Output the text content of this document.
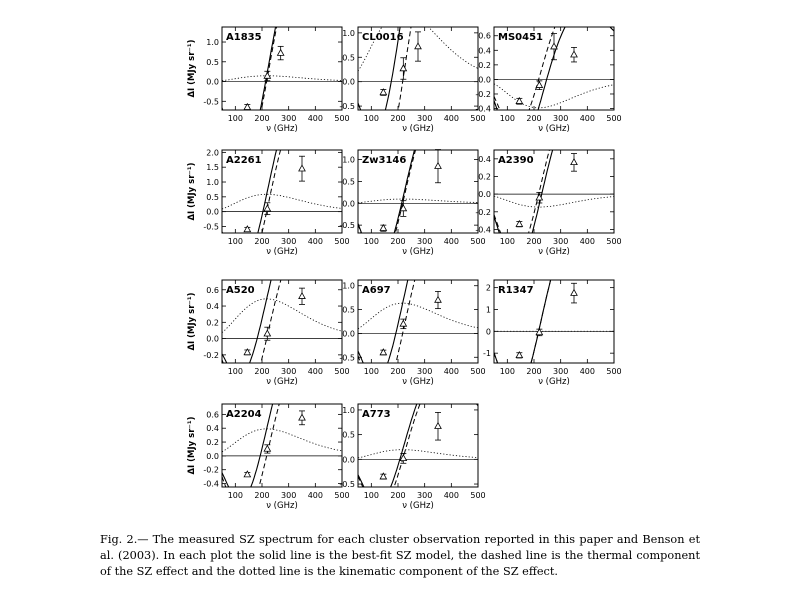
100 200 300 400 500
-0.5
0.0
0.5
1.0
ν (GHz)
ΔI (MJy sr⁻¹)
A1835
100 200 300 400 500
-0.5
0.0
0.5
1.0
ν (GHz)
CL0016
100 200 300 400 500
-0.4
-0.2
0.0
0.2
0.4
0.6
ν (GHz)
MS0451
100 200 300 400 500
-0.5
0.0
0.5
1.0
1.5
2.0
ν (GHz)
ΔI (MJy sr⁻¹)
A2261
100 200 300 400 500
-0.5
0.0
0.5
1.0
ν (GHz)
Zw3146
100 200 300 400 500
-0.4
-0.2
0.0
0.2
0.4
ν (GHz)
A2390
100 200 300 400 500
-0.2
0.0
0.2
0.4
0.6
ν (GHz)
ΔI (MJy sr⁻¹)
A520
100 200 300 400 500
-0.5
0.0
0.5
1.0
ν (GHz)
A697
100 200 300 400 500
-1
0
1
2
ν (GHz)
R1347
100 200 300 400 500
-0.4
-0.2
0.0
0.2
0.4
0.6
ν (GHz)
ΔI (MJy sr⁻¹)
A2204
100 200 300 400 500
-0.5
0.0
0.5
1.0
ν (GHz)
A773

Fig. 2.— The measured SZ spectrum for each cluster observation reported in this paper and Benson et al. (2003). In each plot the solid line is the best-fit SZ model, the dashed line is the thermal component of the SZ effect and the dotted line is the kinematic component of the SZ effect.
